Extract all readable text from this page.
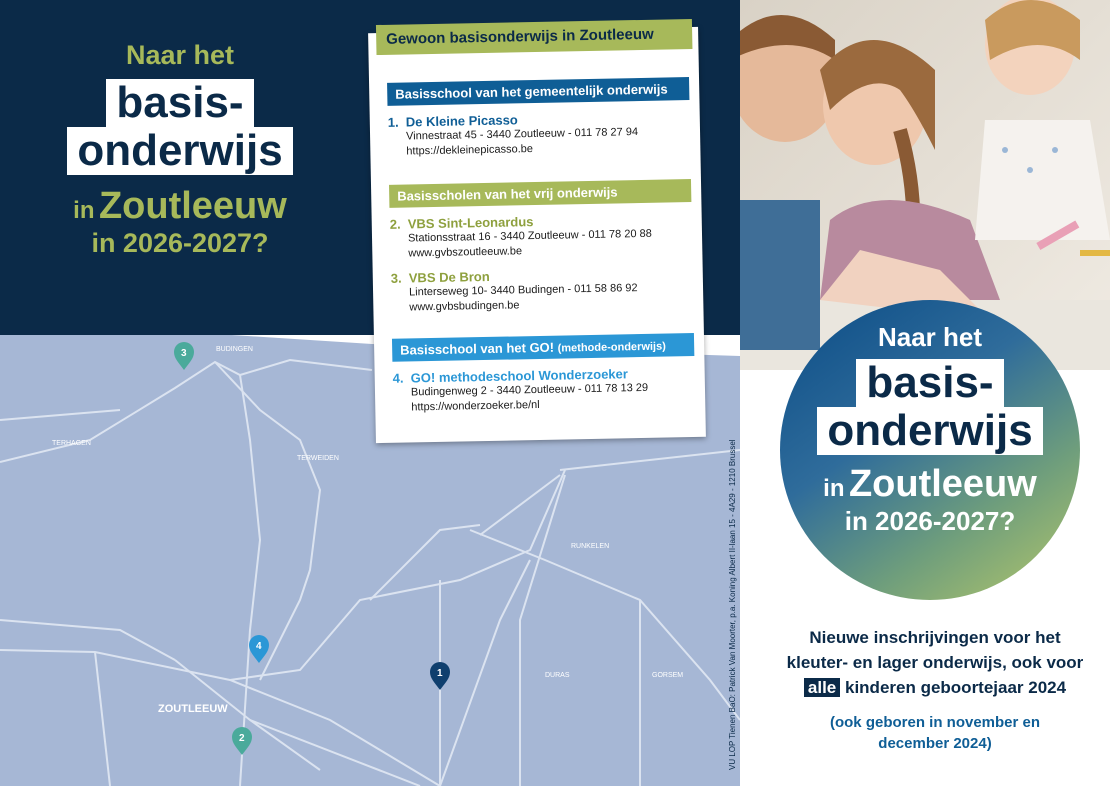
BUDINGEN
TERHAGEN
TERWEIDEN
RUNKELEN
DURAS	GORSEM
ZOUTLEEUW
3
4
1
2
Naar het
basis-
onderwijs
in Zoutleeuw
in 2026-2027?
Naar het
basis-
onderwijs
in Zoutleeuw
in 2026-2027?
Gewoon basisonderwijs in Zoutleeuw
Basisschool van het gemeentelijk onderwijs
1. De Kleine Picasso
Vinnestraat 45 - 3440 Zoutleeuw - 011 78 27 94
https://dekleinepicasso.be
Basisscholen van het vrij onderwijs
2. VBS Sint-Leonardus
Stationsstraat 16 - 3440 Zoutleeuw - 011 78 20 88
www.gvbszoutleeuw.be
3. VBS De Bron
Linterseweg 10- 3440 Budingen - 011 58 86 92
www.gvbsbudingen.be
Basisschool van het GO! (methode-onderwijs)
4. GO! methodeschool Wonderzoeker
Budingenweg 2 - 3440 Zoutleeuw - 011 78 13 29
https://wonderzoeker.be/nl
Nieuwe inschrijvingen voor het
kleuter- en lager onderwijs, ook voor
alle kinderen geboortejaar 2024
(ook geboren in november en
december 2024)
VU LOP Tienen BaO: Patrick Van Moorter, p.a. Koning Albert II-laan 15 - 4A29 - 1210 Brussel
